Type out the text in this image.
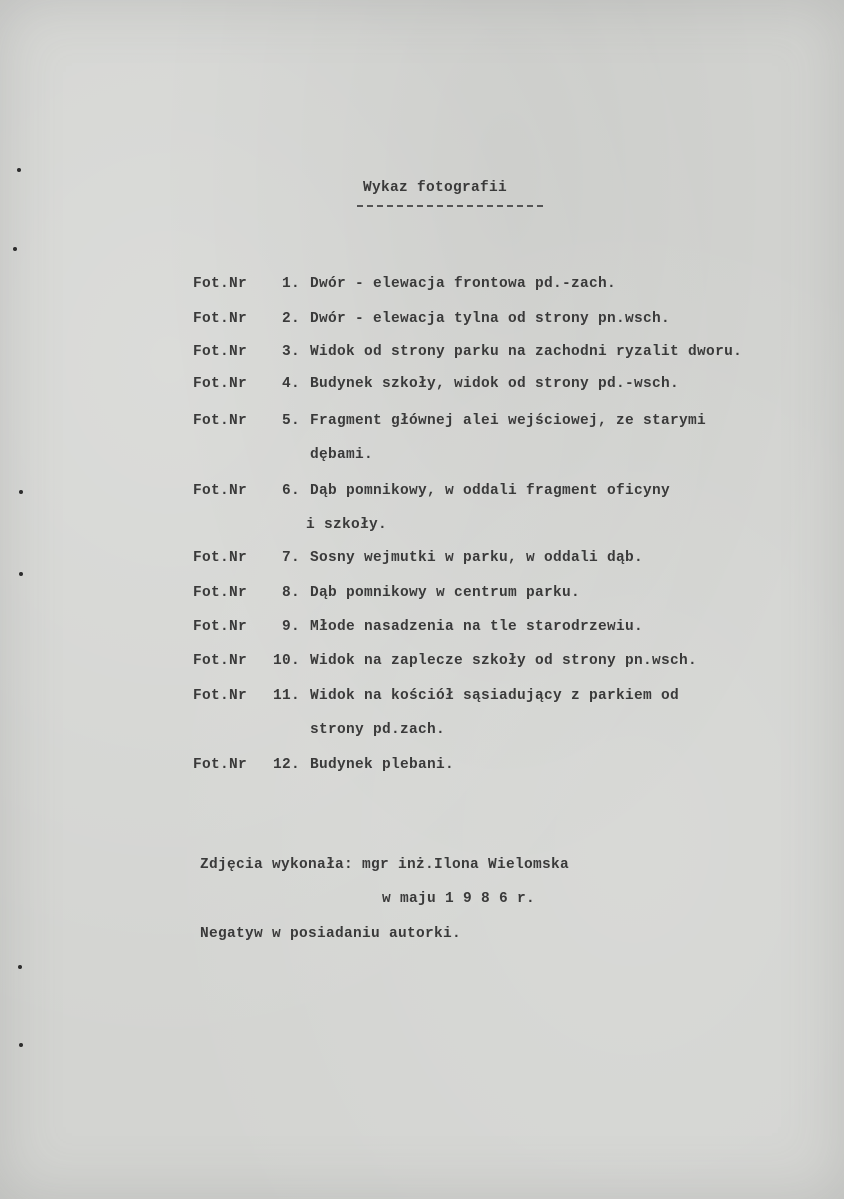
Wykaz fotografii
Fot.Nr 1. Dwór - elewacja frontowa pd.-zach.
Fot.Nr 2. Dwór - elewacja tylna od strony pn.wsch.
Fot.Nr 3. Widok od strony parku na zachodni ryzalit dworu.
Fot.Nr 4. Budynek szkoły, widok od strony pd.-wsch.
Fot.Nr 5. Fragment głównej alei wejściowej, ze starymi
dębami.
Fot.Nr 6. Dąb pomnikowy, w oddali fragment oficyny
i szkoły.
Fot.Nr 7. Sosny wejmutki w parku, w oddali dąb.
Fot.Nr 8. Dąb pomnikowy w centrum parku.
Fot.Nr 9. Młode nasadzenia na tle starodrzewiu.
Fot.Nr 10. Widok na zaplecze szkoły od strony pn.wsch.
Fot.Nr 11. Widok na kościół sąsiadujący z parkiem od
strony pd.zach.
Fot.Nr 12. Budynek plebani.
Zdjęcia wykonała: mgr inż.Ilona Wielomska
w maju 1 9 8 6 r.
Negatyw w posiadaniu autorki.
